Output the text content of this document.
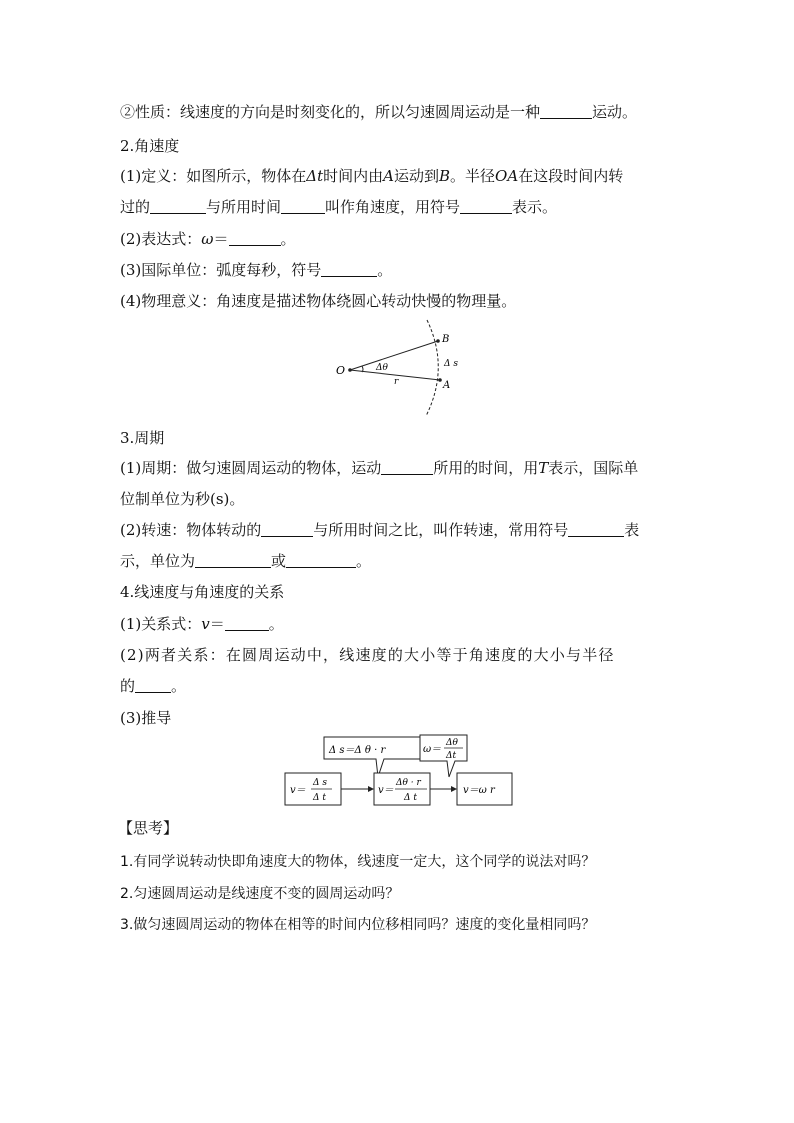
②性质：线速度的方向是时刻变化的，所以匀速圆周运动是一种	运动。
2.角速度
(1)定义：如图所示，物体在Δt时间内由A运动到B。半径OA在这段时间内转
过的	与所用时间	叫作角速度，用符号	表示。
(2)表达式：ω＝	。
(3)国际单位：弧度每秒，符号	。
(4)物理意义：角速度是描述物体绕圆心转动快慢的物理量。
O
B
A
Δθ
r
Δ s
3.周期
(1)周期：做匀速圆周运动的物体，运动	所用的时间，用T表示，国际单
位制单位为秒(s)。
(2)转速：物体转动的	与所用时间之比，叫作转速，常用符号	表
示，单位为	或	。
4.线速度与角速度的关系
(1)关系式：v＝	。
(2)两者关系：在圆周运动中，线速度的大小等于角速度的大小与半径
的 。
(3)推导
Δ s＝Δ θ · r	ω＝
Δθ
Δt
v＝
Δ s
Δ t
v＝
Δθ · r
Δ t
v＝ω r
【思考】
1.有同学说转动快即角速度大的物体，线速度一定大，这个同学的说法对吗？
2.匀速圆周运动是线速度不变的圆周运动吗？
3.做匀速圆周运动的物体在相等的时间内位移相同吗？速度的变化量相同吗？
